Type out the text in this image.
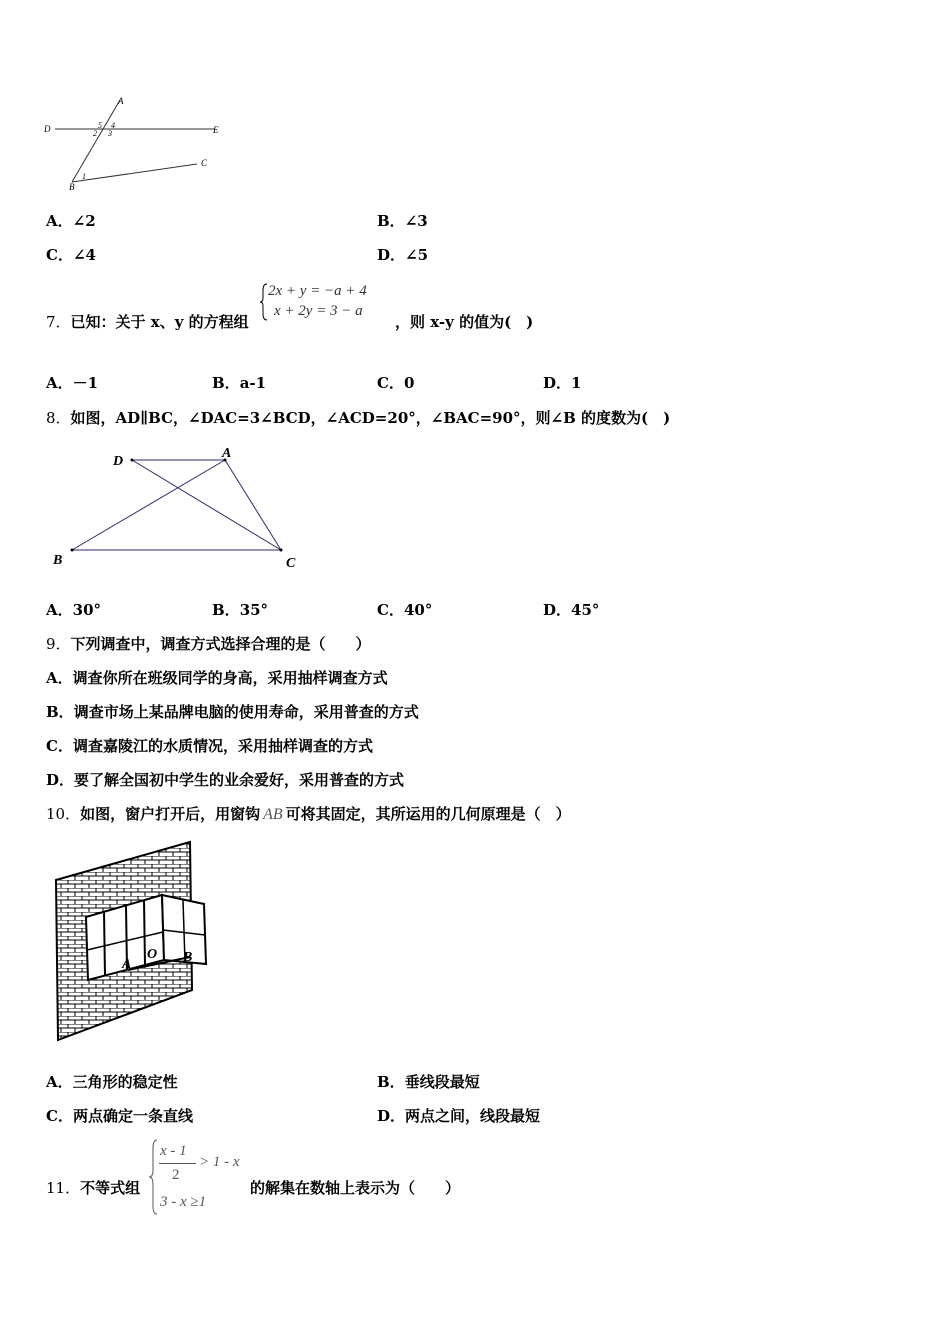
A
D	E
C
B
1
5 4
2 3
A．∠2	B．∠3
C．∠4	D．∠5
7．已知：关于 x、y 的方程组
2x + y = −a + 4
x + 2y = 3 − a
，则 x-y 的值为(　)
A．－1	B．a-1	C．0	D．1
8．如图，AD∥BC，∠DAC=3∠BCD，∠ACD=20°，∠BAC=90°，则∠B 的度数为(　)
D
A
B	C
A．30°	B．35°	C．40°	D．45°
9．下列调查中，调查方式选择合理的是（　　）
A．调查你所在班级同学的身高，采用抽样调查方式
B．调查市场上某品牌电脑的使用寿命，采用普查的方式
C．调查嘉陵江的水质情况，采用抽样调查的方式
D．要了解全国初中学生的业余爱好，采用普查的方式
10．如图，窗户打开后，用窗钩 AB 可将其固定，其所运用的几何原理是（　）
A
O B
A．三角形的稳定性	B．垂线段最短
C．两点确定一条直线	D．两点之间，线段最短
11．不等式组
x - 1
2
> 1 - x
3 - x ≥1
的解集在数轴上表示为（　　）
